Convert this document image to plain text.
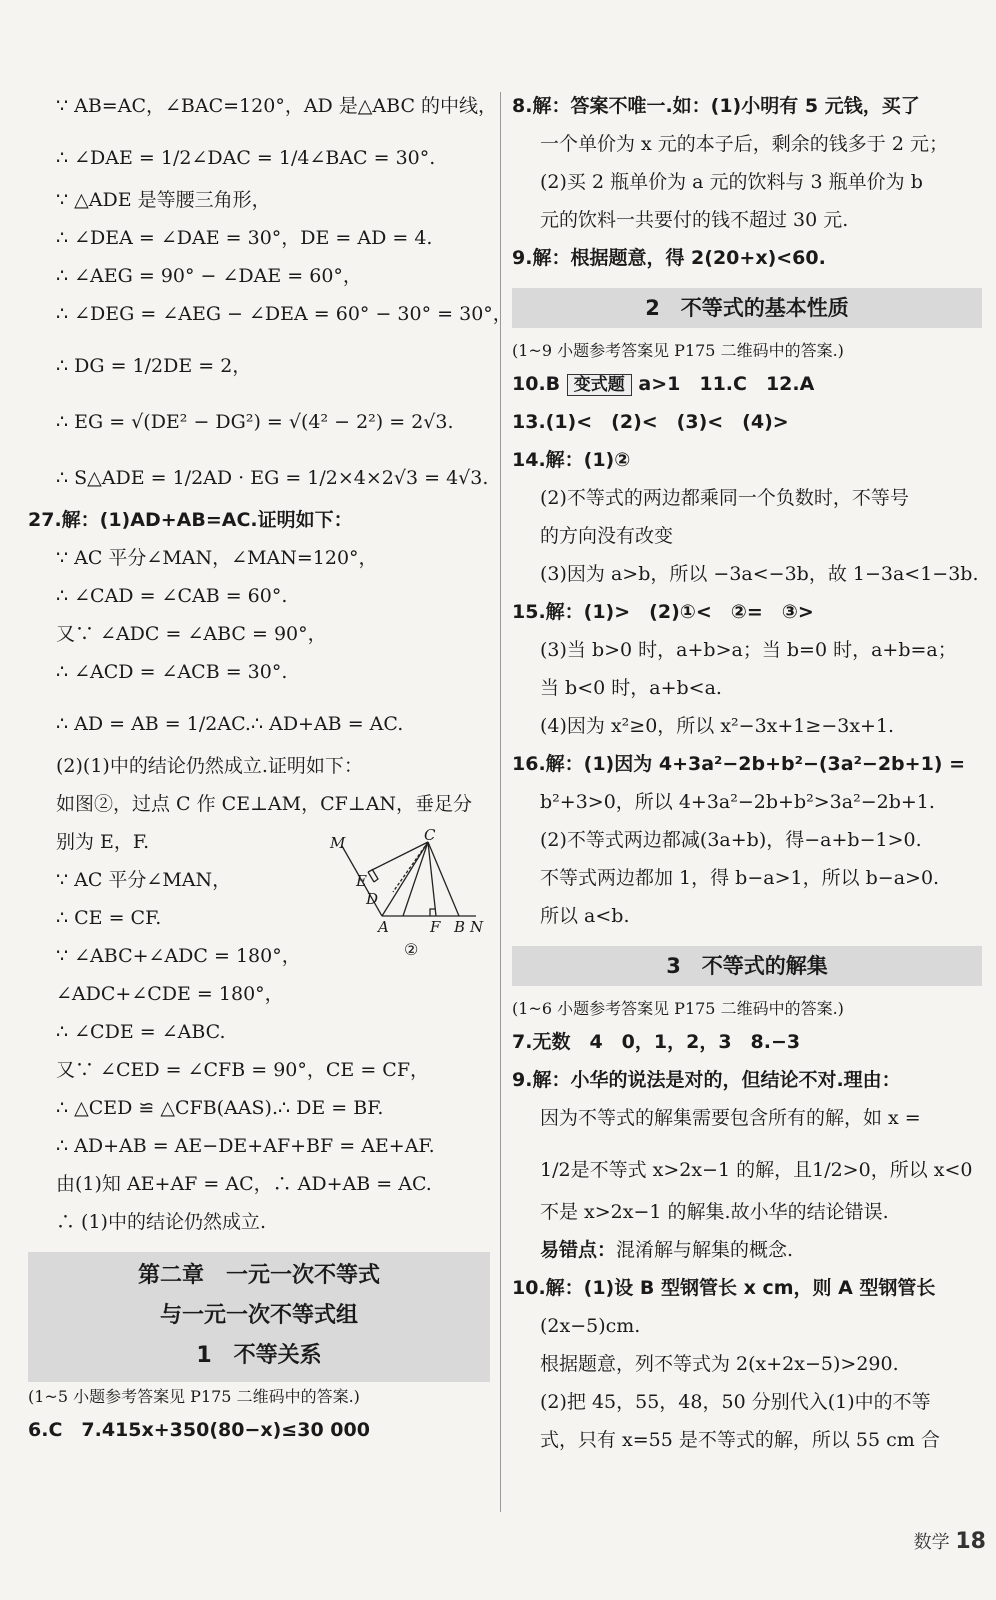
∵ AB=AC，∠BAC=120°，AD 是△ABC 的中线，
∴ ∠DAE = 1/2∠DAC = 1/4∠BAC = 30°.
∵ △ADE 是等腰三角形，
∴ ∠DEA = ∠DAE = 30°，DE = AD = 4.
∴ ∠AEG = 90° − ∠DAE = 60°，
∴ ∠DEG = ∠AEG − ∠DEA = 60° − 30° = 30°，
∴ DG = 1/2DE = 2，
∴ EG = √(DE² − DG²) = √(4² − 2²) = 2√3.
∴ S△ADE = 1/2AD · EG = 1/2×4×2√3 = 4√3.
27.解：(1)AD+AB=AC.证明如下：
∵ AC 平分∠MAN，∠MAN=120°，
∴ ∠CAD = ∠CAB = 60°.
又∵ ∠ADC = ∠ABC = 90°，
∴ ∠ACD = ∠ACB = 30°.
∴ AD = AB = 1/2AC.∴ AD+AB = AC.
(2)(1)中的结论仍然成立.证明如下：
如图②，过点 C 作 CE⊥AM，CF⊥AN，垂足分
别为 E，F.
∵ AC 平分∠MAN，
∴ CE = CF.
∵ ∠ABC+∠ADC = 180°，
∠ADC+∠CDE = 180°，
∴ ∠CDE = ∠ABC.
又∵ ∠CED = ∠CFB = 90°，CE = CF，
∴ △CED ≌ △CFB(AAS).∴ DE = BF.
∴ AD+AB = AE−DE+AF+BF = AE+AF.
由(1)知 AE+AF = AC，∴ AD+AB = AC.
∴ (1)中的结论仍然成立.
第二章　一元一次不等式
与一元一次不等式组
1　不等关系
(1~5 小题参考答案见 P175 二维码中的答案.)
6.C　7.415x+350(80−x)≤30 000
M	C
E
D
A	F B N
②
8.解：答案不唯一.如：(1)小明有 5 元钱，买了
一个单价为 x 元的本子后，剩余的钱多于 2 元；
(2)买 2 瓶单价为 a 元的饮料与 3 瓶单价为 b
元的饮料一共要付的钱不超过 30 元.
9.解：根据题意，得 2(20+x)<60.
2　不等式的基本性质
(1~9 小题参考答案见 P175 二维码中的答案.)
10.B 变式题 a>1　11.C　12.A
13.(1)<　(2)<　(3)<　(4)>
14.解：(1)②
(2)不等式的两边都乘同一个负数时，不等号
的方向没有改变
(3)因为 a>b，所以 −3a<−3b，故 1−3a<1−3b.
15.解：(1)>　(2)①<　②=　③>
(3)当 b>0 时，a+b>a；当 b=0 时，a+b=a；
当 b<0 时，a+b<a.
(4)因为 x²≥0，所以 x²−3x+1≥−3x+1.
16.解：(1)因为 4+3a²−2b+b²−(3a²−2b+1) =
b²+3>0，所以 4+3a²−2b+b²>3a²−2b+1.
(2)不等式两边都减(3a+b)，得−a+b−1>0.
不等式两边都加 1，得 b−a>1，所以 b−a>0.
所以 a<b.
3　不等式的解集
(1~6 小题参考答案见 P175 二维码中的答案.)
7.无数　4　0，1，2，3　8.−3
9.解：小华的说法是对的，但结论不对.理由：
因为不等式的解集需要包含所有的解，如 x =
1/2是不等式 x>2x−1 的解，且1/2>0，所以 x<0
不是 x>2x−1 的解集.故小华的结论错误.
易错点：混淆解与解集的概念.
10.解：(1)设 B 型钢管长 x cm，则 A 型钢管长
(2x−5)cm.
根据题意，列不等式为 2(x+2x−5)>290.
(2)把 45，55，48，50 分别代入(1)中的不等
式，只有 x=55 是不等式的解，所以 55 cm 合
数学 18
